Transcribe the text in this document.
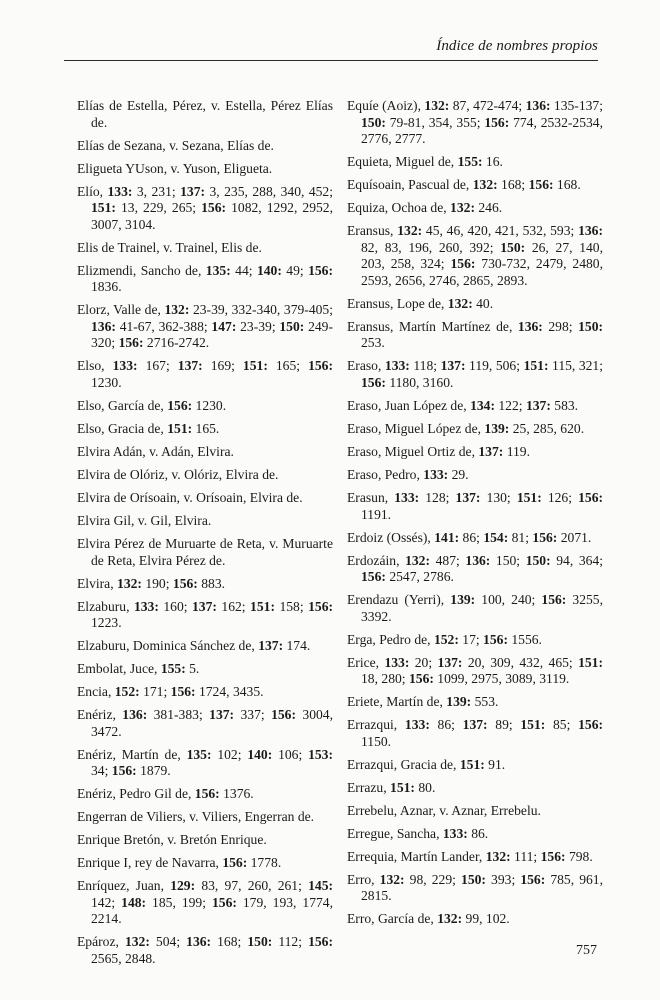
Índice de nombres propios

Elías de Estella, Pérez, v. Estella, Pérez Elías de.

Elías de Sezana, v. Sezana, Elías de.

Eligueta YUson, v. Yuson, Eligueta.

Elío, 133: 3, 231; 137: 3, 235, 288, 340, 452; 151: 13, 229, 265; 156: 1082, 1292, 2952, 3007, 3104.

Elis de Trainel, v. Trainel, Elis de.

Elizmendi, Sancho de, 135: 44; 140: 49; 156: 1836.

Elorz, Valle de, 132: 23-39, 332-340, 379-405; 136: 41-67, 362-388; 147: 23-39; 150: 249-320; 156: 2716-2742.

Elso, 133: 167; 137: 169; 151: 165; 156: 1230.

Elso, García de, 156: 1230.

Elso, Gracia de, 151: 165.

Elvira Adán, v. Adán, Elvira.

Elvira de Olóriz, v. Olóriz, Elvira de.

Elvira de Orísoain, v. Orísoain, Elvira de.

Elvira Gil, v. Gil, Elvira.

Elvira Pérez de Muruarte de Reta, v. Muruarte de Reta, Elvira Pérez de.

Elvira, 132: 190; 156: 883.

Elzaburu, 133: 160; 137: 162; 151: 158; 156: 1223.

Elzaburu, Dominica Sánchez de, 137: 174.

Embolat, Juce, 155: 5.

Encia, 152: 171; 156: 1724, 3435.

Enériz, 136: 381-383; 137: 337; 156: 3004, 3472.

Enériz, Martín de, 135: 102; 140: 106; 153: 34; 156: 1879.

Enériz, Pedro Gil de, 156: 1376.

Engerran de Viliers, v. Viliers, Engerran de.

Enrique Bretón, v. Bretón Enrique.

Enrique I, rey de Navarra, 156: 1778.

Enríquez, Juan, 129: 83, 97, 260, 261; 145: 142; 148: 185, 199; 156: 179, 193, 1774, 2214.

Epároz, 132: 504; 136: 168; 150: 112; 156: 2565, 2848.

Equíe (Aoiz), 132: 87, 472-474; 136: 135-137; 150: 79-81, 354, 355; 156: 774, 2532-2534, 2776, 2777.

Equieta, Miguel de, 155: 16.

Equísoain, Pascual de, 132: 168; 156: 168.

Equiza, Ochoa de, 132: 246.

Eransus, 132: 45, 46, 420, 421, 532, 593; 136: 82, 83, 196, 260, 392; 150: 26, 27, 140, 203, 258, 324; 156: 730-732, 2479, 2480, 2593, 2656, 2746, 2865, 2893.

Eransus, Lope de, 132: 40.

Eransus, Martín Martínez de, 136: 298; 150: 253.

Eraso, 133: 118; 137: 119, 506; 151: 115, 321; 156: 1180, 3160.

Eraso, Juan López de, 134: 122; 137: 583.

Eraso, Miguel López de, 139: 25, 285, 620.

Eraso, Miguel Ortiz de, 137: 119.

Eraso, Pedro, 133: 29.

Erasun, 133: 128; 137: 130; 151: 126; 156: 1191.

Erdoiz (Ossés), 141: 86; 154: 81; 156: 2071.

Erdozáin, 132: 487; 136: 150; 150: 94, 364; 156: 2547, 2786.

Erendazu (Yerri), 139: 100, 240; 156: 3255, 3392.

Erga, Pedro de, 152: 17; 156: 1556.

Erice, 133: 20; 137: 20, 309, 432, 465; 151: 18, 280; 156: 1099, 2975, 3089, 3119.

Eriete, Martín de, 139: 553.

Errazqui, 133: 86; 137: 89; 151: 85; 156: 1150.

Errazqui, Gracia de, 151: 91.

Errazu, 151: 80.

Errebelu, Aznar, v. Aznar, Errebelu.

Erregue, Sancha, 133: 86.

Errequia, Martín Lander, 132: 111; 156: 798.

Erro, 132: 98, 229; 150: 393; 156: 785, 961, 2815.

Erro, García de, 132: 99, 102.

757
